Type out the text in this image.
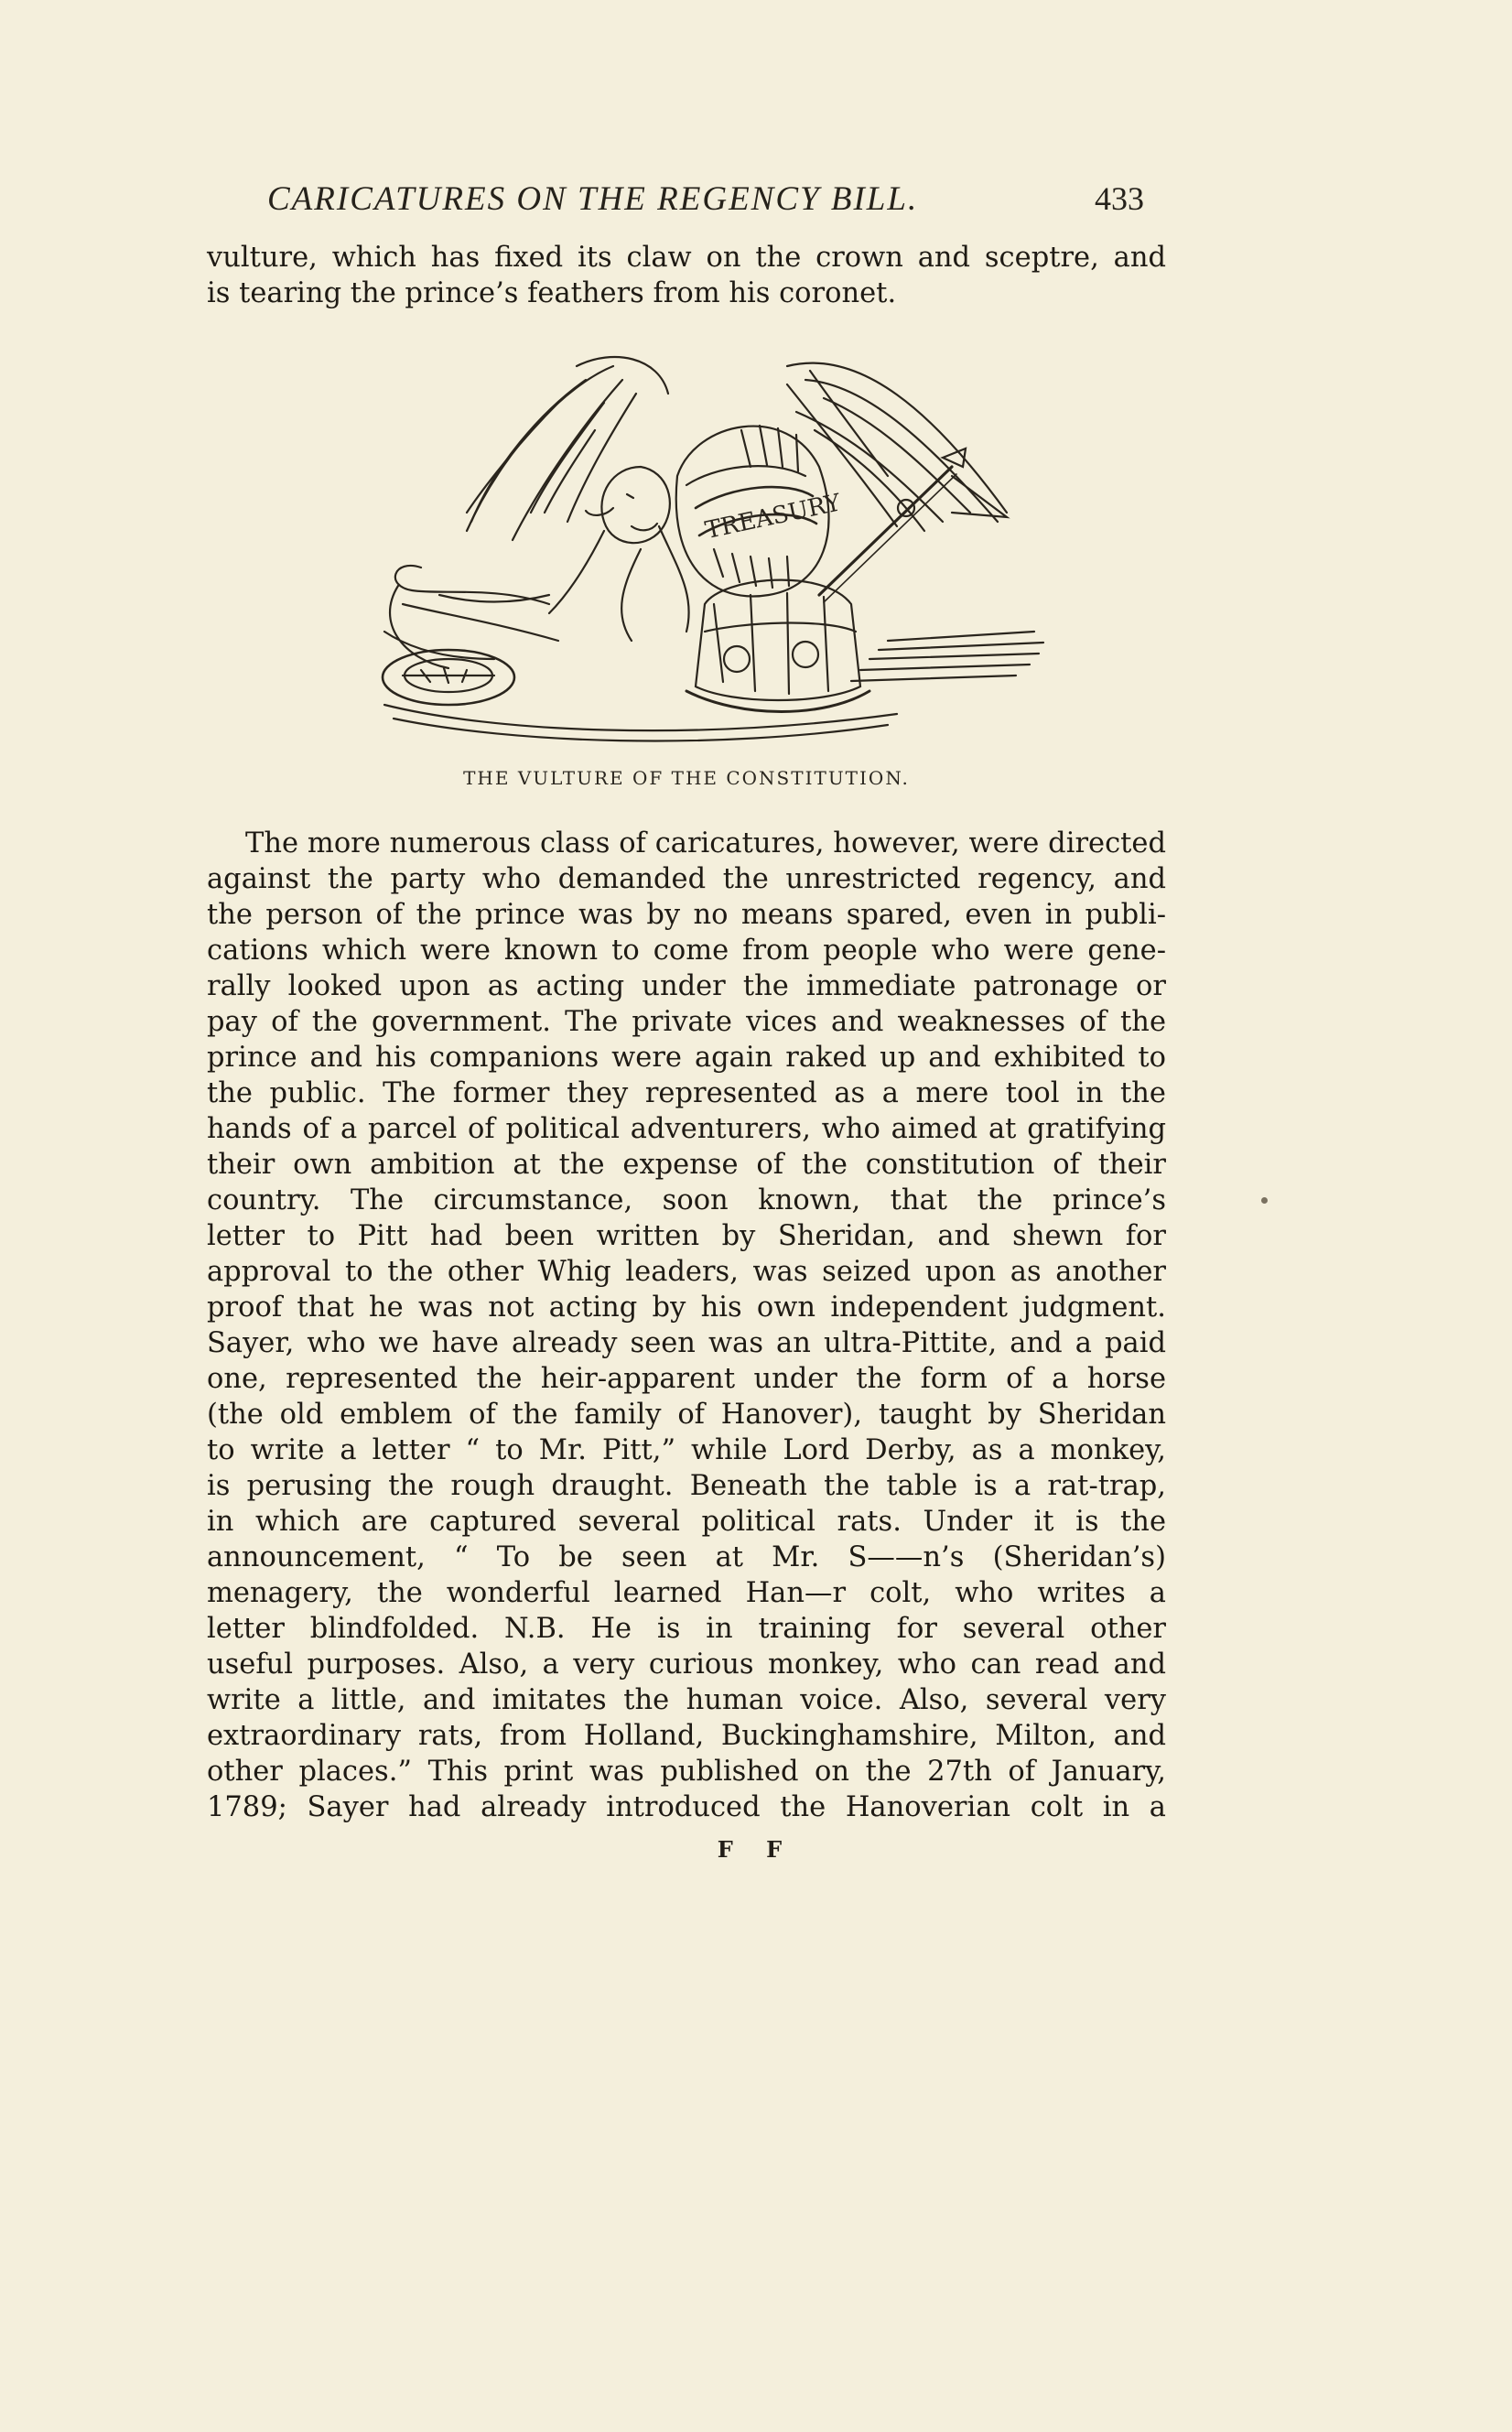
CARICATURES ON THE REGENCY BILL.	433
vulture, which has fixed its claw on the crown and sceptre, and
is tearing the prince’s feathers from his coronet.
TREASURY
THE VULTURE OF THE CONSTITUTION.
The more numerous class of caricatures, however, were directed
against the party who demanded the unrestricted regency, and
the person of the prince was by no means spared, even in publi-
cations which were known to come from people who were gene-
rally looked upon as acting under the immediate patronage or
pay of the government. The private vices and weaknesses of the
prince and his companions were again raked up and exhibited to
the public. The former they represented as a mere tool in the
hands of a parcel of political adventurers, who aimed at gratifying
their own ambition at the expense of the constitution of their
country. The circumstance, soon known, that the prince’s
letter to Pitt had been written by Sheridan, and shewn for
approval to the other Whig leaders, was seized upon as another
proof that he was not acting by his own independent judgment.
Sayer, who we have already seen was an ultra-Pittite, and a paid
one, represented the heir-apparent under the form of a horse
(the old emblem of the family of Hanover), taught by Sheridan
to write a letter “ to Mr. Pitt,” while Lord Derby, as a monkey,
is perusing the rough draught. Beneath the table is a rat-trap,
in which are captured several political rats. Under it is the
announcement, “ To be seen at Mr. S——n’s (Sheridan’s)
menagery, the wonderful learned Han—r colt, who writes a
letter blindfolded. N.B. He is in training for several other
useful purposes. Also, a very curious monkey, who can read and
write a little, and imitates the human voice. Also, several very
extraordinary rats, from Holland, Buckinghamshire, Milton, and
other places.” This print was published on the 27th of January,
1789; Sayer had already introduced the Hanoverian colt in a
F F
